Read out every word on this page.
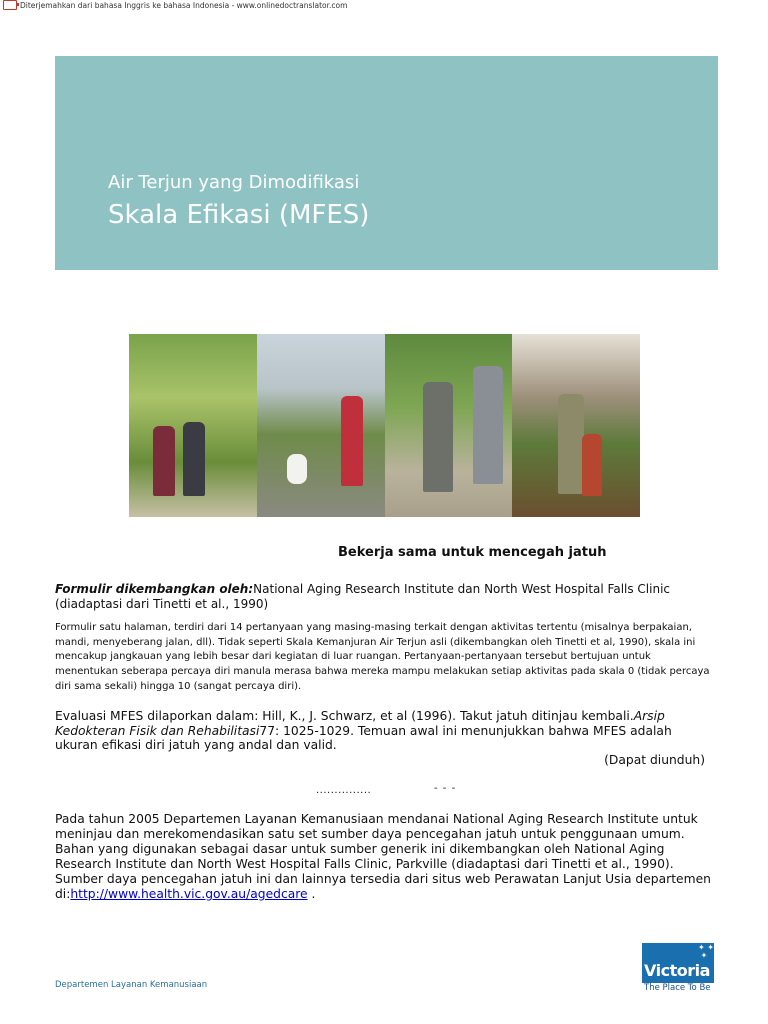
Diterjemahkan dari bahasa Inggris ke bahasa Indonesia - www.onlinedoctranslator.com
Air Terjun yang Dimodifikasi
Skala Efikasi (MFES)
Bekerja sama untuk mencegah jatuh
Formulir dikembangkan oleh:National Aging Research Institute dan North West Hospital Falls Clinic (diadaptasi dari Tinetti et al., 1990)
Formulir satu halaman, terdiri dari 14 pertanyaan yang masing-masing terkait dengan aktivitas tertentu (misalnya berpakaian, mandi, menyeberang jalan, dll). Tidak seperti Skala Kemanjuran Air Terjun asli (dikembangkan oleh Tinetti et al, 1990), skala ini mencakup jangkauan yang lebih besar dari kegiatan di luar ruangan. Pertanyaan-pertanyaan tersebut bertujuan untuk menentukan seberapa percaya diri manula merasa bahwa mereka mampu melakukan setiap aktivitas pada skala 0 (tidak percaya diri sama sekali) hingga 10 (sangat percaya diri).
Evaluasi MFES dilaporkan dalam: Hill, K., J. Schwarz, et al (1996). Takut jatuh ditinjau kembali.Arsip Kedokteran Fisik dan Rehabilitasi77: 1025-1029. Temuan awal ini menunjukkan bahwa MFES adalah ukuran efikasi diri jatuh yang andal dan valid.
(Dapat diunduh)
...............	- - -
Pada tahun 2005 Departemen Layanan Kemanusiaan mendanai National Aging Research Institute untuk meninjau dan merekomendasikan satu set sumber daya pencegahan jatuh untuk penggunaan umum. Bahan yang digunakan sebagai dasar untuk sumber generik ini dikembangkan oleh National Aging Research Institute dan North West Hospital Falls Clinic, Parkville (diadaptasi dari Tinetti et al., 1990). Sumber daya pencegahan jatuh ini dan lainnya tersedia dari situs web Perawatan Lanjut Usia departemen di:http://www.health.vic.gov.au/agedcare .
Departemen Layanan Kemanusiaan
✦ ✦
✦
Victoria
The Place To Be
